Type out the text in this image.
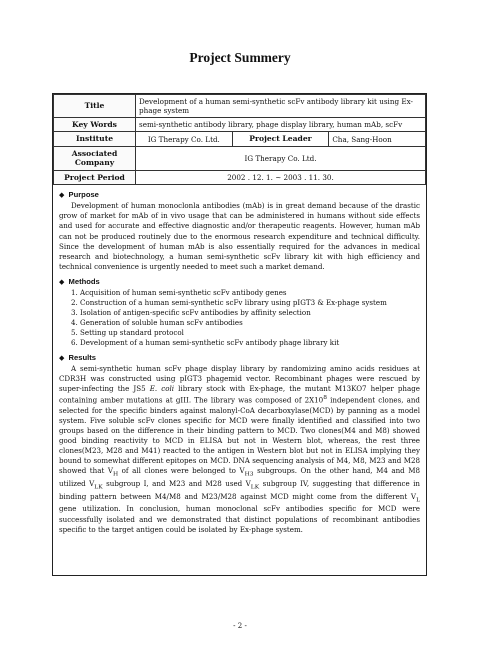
Project Summery
Title	Development of a human semi-synthetic scFv antibody library kit using Ex-phage system		
Key Words	semi-synthetic antibody library, phage display library, human mAb, scFv		
Institute	IG Therapy Co. Ltd.	Project Leader	Cha, Sang-Hoon
Associated Company	IG Therapy Co. Ltd.		
Project Period	2002 . 12. 1. ~ 2003 . 11. 30.		
◆ Purpose

Development of human monoclonla antibodies (mAb) is in great demand because of the drastic grow of market for mAb of in vivo usage that can be administered in humans without side effects and used for accurate and effective diagnostic and/or therapeutic reagents. However, human mAb can not be produced routinely due to the enormous research expenditure and technical difficulty. Since the development of human mAb is also essentially required for the advances in medical research and biotechnology, a human semi-synthetic scFv library kit with high efficiency and technical convenience is urgently needed to meet such a market demand.

◆ Methods
1. Acquisition of human semi-synthetic scFv antibody genes
2. Construction of a human semi-synthetic scFv library using pIGT3 & Ex-phage system
3. Isolation of antigen-specific scFv antibodies by affinity selection
4. Generation of soluble human scFv antibodies
5. Setting up standard protocol
6. Development of a human semi-synthetic scFv antibody phage library kit
◆ Results

A semi-synthetic human scFv phage display library by randomizing amino acids residues at CDR3H was constructed using pIGT3 phagemid vector. Recombinant phages were rescued by super-infecting the JS5 E. coli library stock with Ex-phage, the mutant M13KO7 helper phage containing amber mutations at gIII. The library was composed of $2X10^8$ independent clones, and selected for the specific binders against malonyl-CoA decarboxylase(MCD) by panning as a model system. Five soluble scFv clones specific for MCD were finally identified and classified into two groups based on the difference in their binding pattern to MCD. Two clones(M4 and M8) showed good binding reactivity to MCD in ELISA but not in Western blot, whereas, the rest three clones(M23, M28 and M41) reacted to the antigen in Western blot but not in ELISA implying they bound to somewhat different epitopes on MCD. DNA sequencing analysis of M4, M8, M23 and M28 showed that $V_H$ of all clones were belonged to $V_{H3}$ subgroups. On the other hand, M4 and M8 utilized $V_{LK}$ subgroup I, and M23 and M28 used $V_{LK}$ subgroup IV, suggesting that difference in binding pattern between M4/M8 and M23/M28 against MCD might come from the different $V_L$ gene utilization. In conclusion, human monoclonal scFv antibodies specific for MCD were successfully isolated and we demonstrated that distinct populations of recombinant antibodies specific to the target antigen could be isolated by Ex-phage system.

- 2 -
